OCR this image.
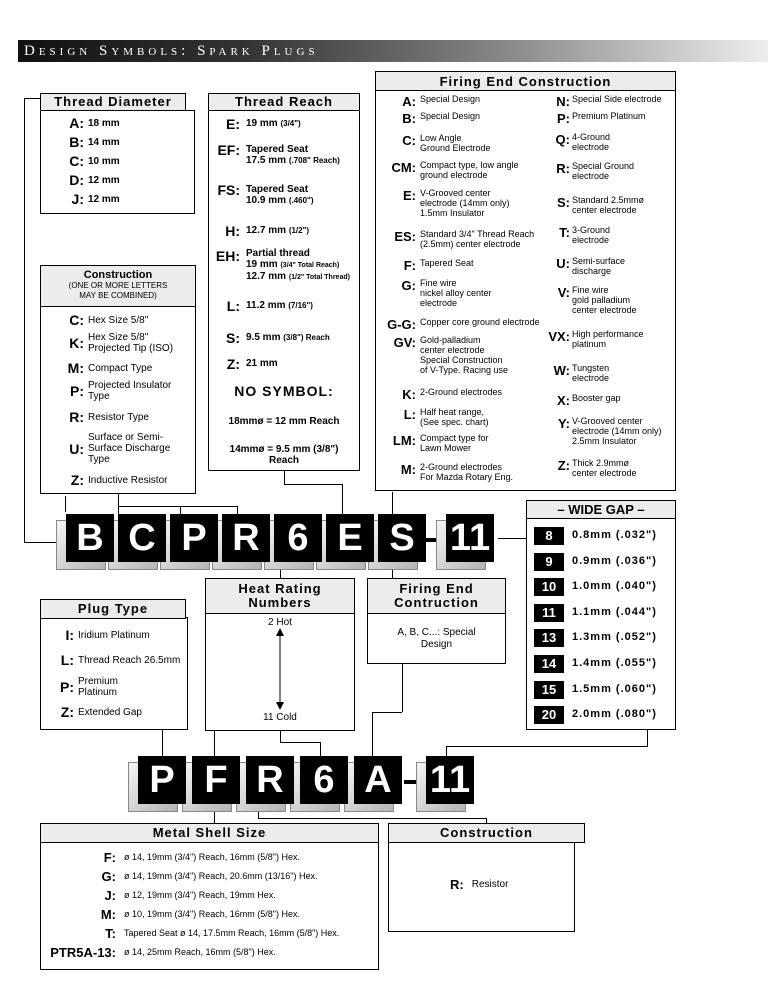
Design Symbols: Spark Plugs
Thread Diameter
A: 18 mm
B: 14 mm
C: 10 mm
D: 12 mm
J: 12 mm
Construction
(ONE OR MORE LETTERS
MAY BE COMBINED)
C: Hex Size 5/8"
K: Hex Size 5/8"
Projected Tip (ISO)
M: Compact Type
P: Projected Insulator
Type
R: Resistor Type
U:
Surface or Semi-
Surface Discharge
Type
Z: Inductive Resistor
Thread Reach
E: 19 mm (3/4")
EF: Tapered Seat
17.5 mm (.708" Reach)
FS: Tapered Seat
10.9 mm (.460")
H: 12.7 mm (1/2")
EH: Partial thread
19 mm (3/4" Total Reach)
12.7 mm (1/2" Total Thread)
L: 11.2 mm (7/16")
S: 9.5 mm (3/8") Reach
Z: 21 mm
NO SYMBOL:
18mmø = 12 mm Reach
14mmø = 9.5 mm (3/8")
Reach
Firing End Construction
A: Special Design
B: Special Design
C: Low Angle
Ground Electrode
CM: Compact type, low angle
ground electrode
E: V-Grooved center
electrode (14mm only)
1.5mm Insulator
ES: Standard 3/4" Thread Reach
(2.5mm) center electrode
F: Tapered Seat
G: Fine wire
nickel alloy center
electrode
G-G: Copper core ground electrode
GV: Gold-palladium
center electrode
Special Construction
of V-Type. Racing use
K: 2-Ground electrodes
L: Half heat range,
(See spec. chart)
LM: Compact type for
Lawn Mower
M: 2-Ground electrodes
For Mazda Rotary Eng.
N: Special Side electrode
P: Premium Platinum
Q: 4-Ground
electrode
R: Special Ground
electrode
S: Standard 2.5mmø
center electrode
T: 3-Ground
electrode
U: Semi-surface
discharge
V: Fine wire
gold palladium
center electrode
VX: High performance
platinum
W: Tungsten
electrode
X: Booster gap
Y: V-Grooved center
electrode (14mm only)
2.5mm Insulator
Z: Thick 2.9mmø
center electrode
B C P R 6 E S 11
– WIDE GAP –
8	0.8mm (.032")
9	0.9mm (.036")
10	1.0mm (.040")
11	1.1mm (.044")
13	1.3mm (.052")
14	1.4mm (.055")
15	1.5mm (.060")
20	2.0mm (.080")
Heat Rating
Numbers
2 Hot
11 Cold
Firing End
Contruction
A, B, C...: Special
Design
Plug Type
I: Iridium Platinum
L: Thread Reach 26.5mm
P: Premium
Platinum
Z: Extended Gap
P F R 6 A 11
Metal Shell Size
F: ø 14, 19mm (3/4") Reach, 16mm (5/8") Hex.
G: ø 14, 19mm (3/4") Reach, 20.6mm (13/16") Hex.
J: ø 12, 19mm (3/4") Reach, 19mm Hex.
M: ø 10, 19mm (3/4") Reach, 16mm (5/8") Hex.
T: Tapered Seat ø 14, 17.5mm Reach, 16mm (5/8") Hex.
PTR5A-13: ø 14, 25mm Reach, 16mm (5/8") Hex.
Construction
R: Resistor
